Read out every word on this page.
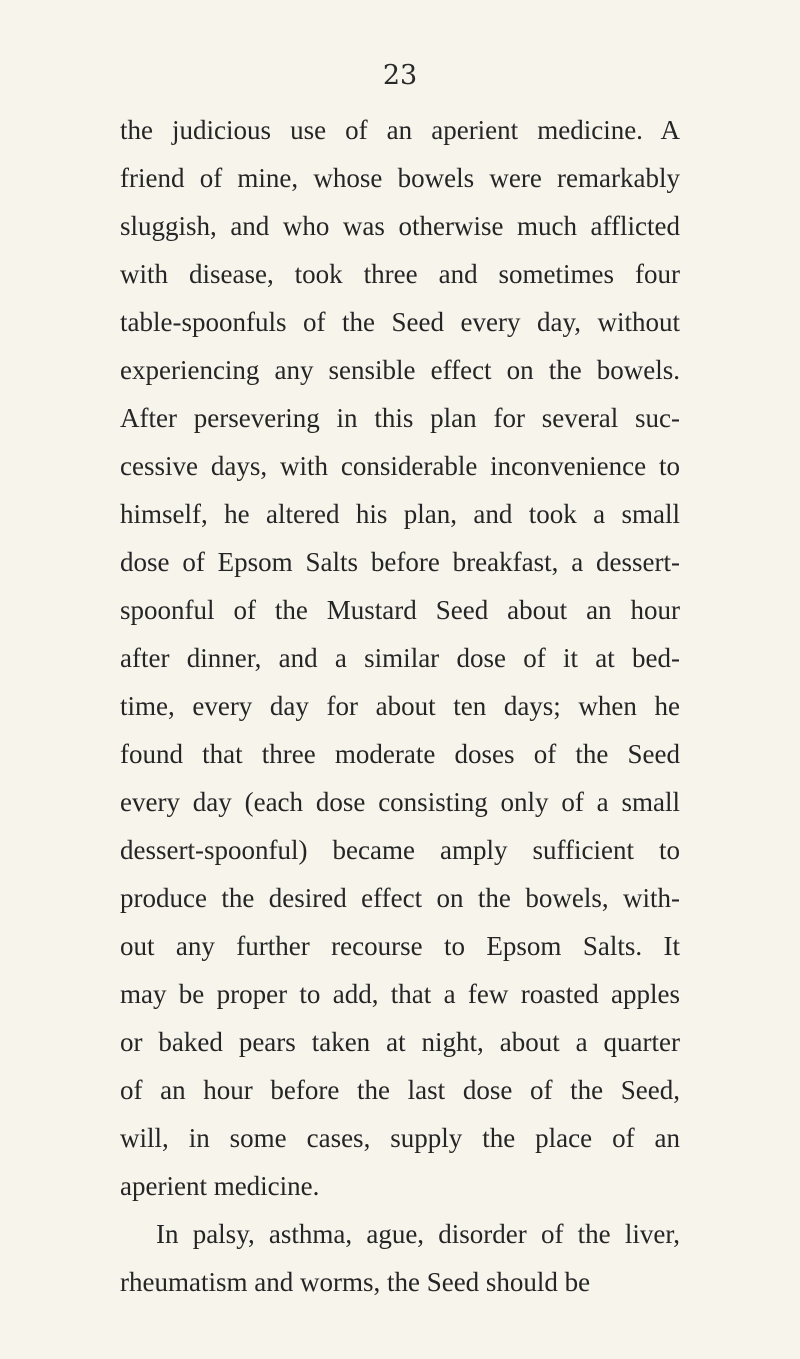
23
the judicious use of an aperient medicine. A
friend of mine, whose bowels were remarkably
sluggish, and who was otherwise much afflicted
with disease, took three and sometimes four
table-spoonfuls of the Seed every day, without
experiencing any sensible effect on the bowels.
After persevering in this plan for several suc-
cessive days, with considerable inconvenience to
himself, he altered his plan, and took a small
dose of Epsom Salts before breakfast, a dessert-
spoonful of the Mustard Seed about an hour
after dinner, and a similar dose of it at bed-
time, every day for about ten days; when he
found that three moderate doses of the Seed
every day (each dose consisting only of a small
dessert-spoonful) became amply sufficient to
produce the desired effect on the bowels, with-
out any further recourse to Epsom Salts. It
may be proper to add, that a few roasted apples
or baked pears taken at night, about a quarter
of an hour before the last dose of the Seed,
will, in some cases, supply the place of an
aperient medicine.
In palsy, asthma, ague, disorder of the liver,
rheumatism and worms, the Seed should be
